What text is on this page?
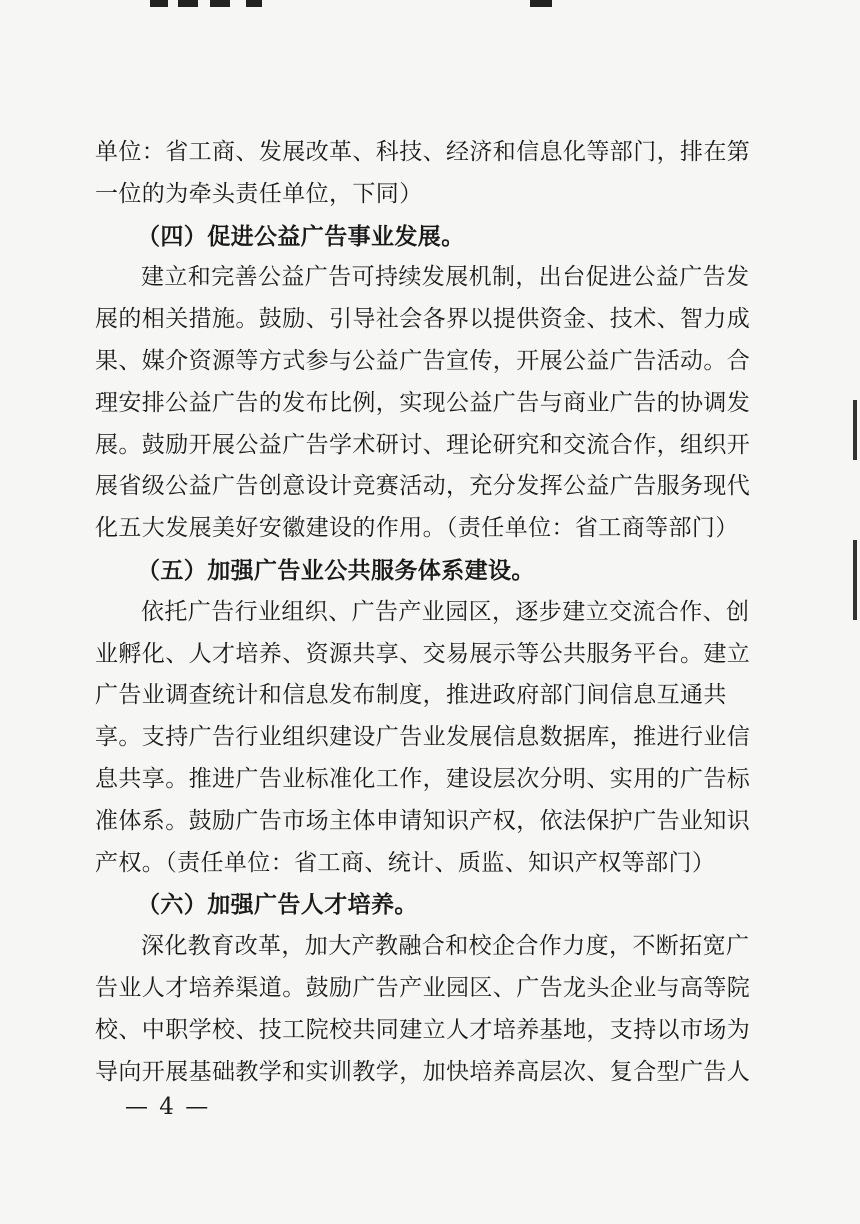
单位：省工商、发展改革、科技、经济和信息化等部门，排在第
一位的为牵头责任单位，下同）
（四）促进公益广告事业发展。
建立和完善公益广告可持续发展机制，出台促进公益广告发
展的相关措施。鼓励、引导社会各界以提供资金、技术、智力成
果、媒介资源等方式参与公益广告宣传，开展公益广告活动。合
理安排公益广告的发布比例，实现公益广告与商业广告的协调发
展。鼓励开展公益广告学术研讨、理论研究和交流合作，组织开
展省级公益广告创意设计竞赛活动，充分发挥公益广告服务现代
化五大发展美好安徽建设的作用。（责任单位：省工商等部门）
（五）加强广告业公共服务体系建设。
依托广告行业组织、广告产业园区，逐步建立交流合作、创
业孵化、人才培养、资源共享、交易展示等公共服务平台。建立
广告业调查统计和信息发布制度，推进政府部门间信息互通共
享。支持广告行业组织建设广告业发展信息数据库，推进行业信
息共享。推进广告业标准化工作，建设层次分明、实用的广告标
准体系。鼓励广告市场主体申请知识产权，依法保护广告业知识
产权。（责任单位：省工商、统计、质监、知识产权等部门）
（六）加强广告人才培养。
深化教育改革，加大产教融合和校企合作力度，不断拓宽广
告业人才培养渠道。鼓励广告产业园区、广告龙头企业与高等院
校、中职学校、技工院校共同建立人才培养基地，支持以市场为
导向开展基础教学和实训教学，加快培养高层次、复合型广告人
— 4 —
